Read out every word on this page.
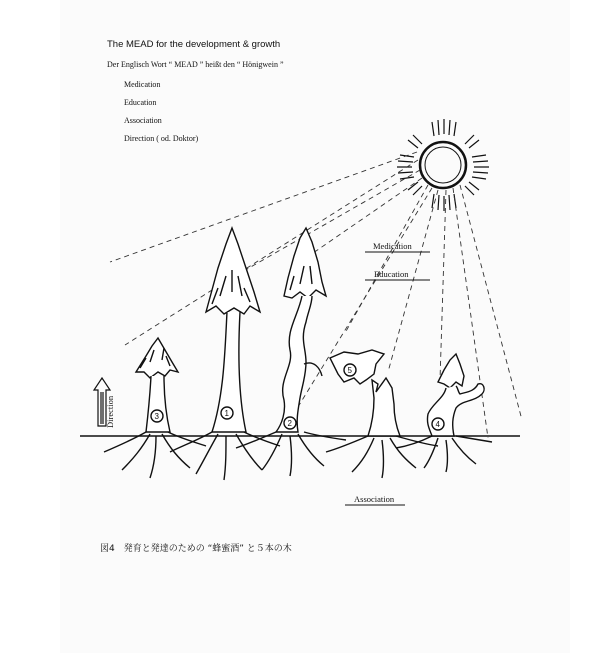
The MEAD for the development & growth
Der Englisch Wort “ MEAD ” heißt den “ Hönigwein ”
Medication
Education
Association
Direction ( od. Doktor)
Medication
Education
Association
Direction	1
2
3
4
5
図4　発育と発達のための “蜂蜜酒” と５本の木
